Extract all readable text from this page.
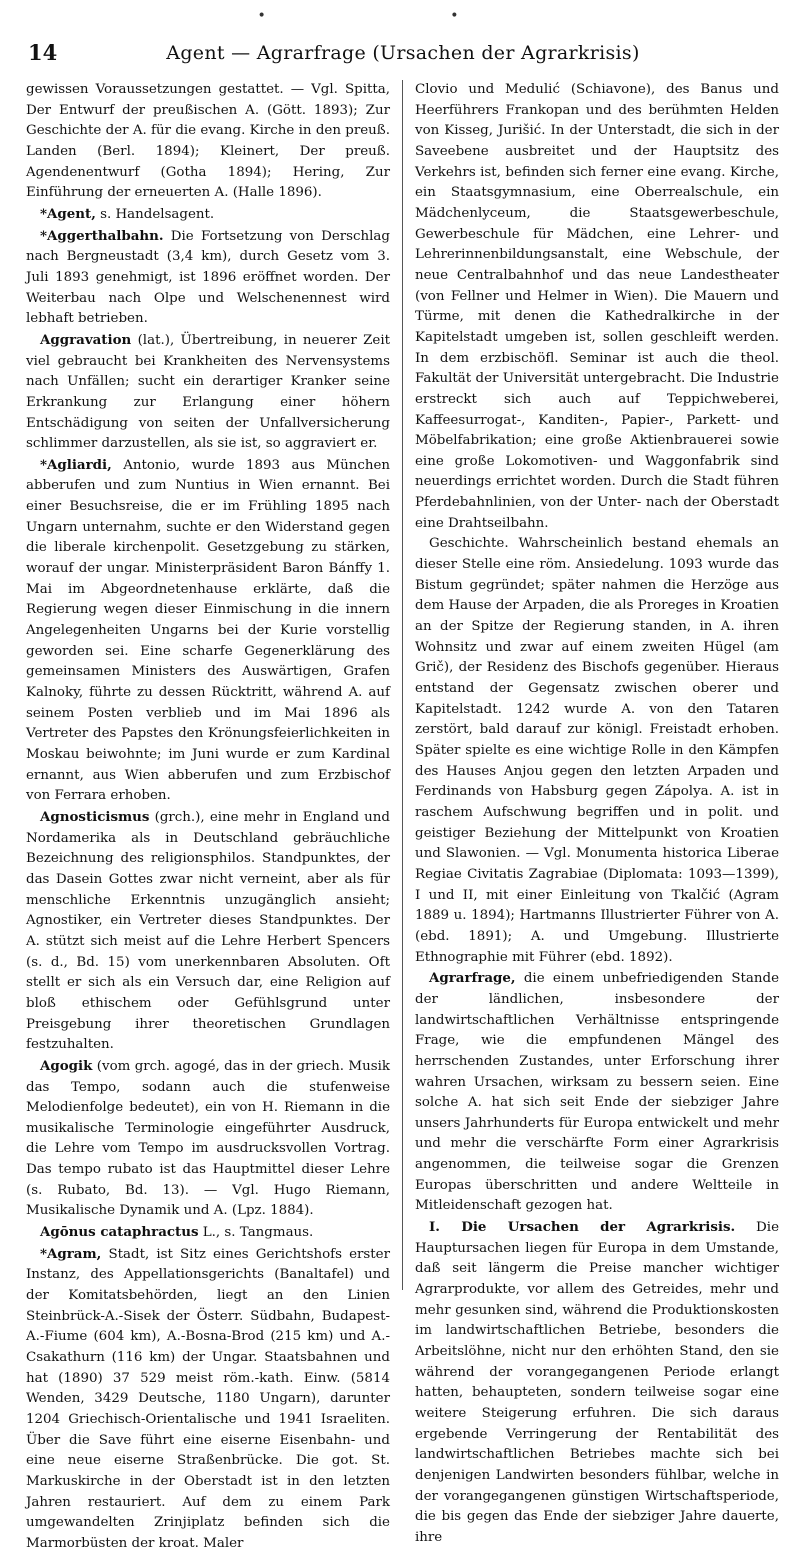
• •
14	Agent — Agrarfrage (Ursachen der Agrarkrisis)

gewissen Voraussetzungen gestattet. — Vgl. Spitta, Der Entwurf der preußischen A. (Gött. 1893); Zur Geschichte der A. für die evang. Kirche in den preuß. Landen (Berl. 1894); Kleinert, Der preuß. Agendenentwurf (Gotha 1894); Hering, Zur Einführung der erneuerten A. (Halle 1896).

*Agent, s. Handelsagent.

*Aggerthalbahn. Die Fortsetzung von Derschlag nach Bergneustadt (3,4 km), durch Gesetz vom 3. Juli 1893 genehmigt, ist 1896 eröffnet worden. Der Weiterbau nach Olpe und Welschenennest wird lebhaft betrieben.

Aggravation (lat.), Übertreibung, in neuerer Zeit viel gebraucht bei Krankheiten des Nervensystems nach Unfällen; sucht ein derartiger Kranker seine Erkrankung zur Erlangung einer höhern Entschädigung von seiten der Unfallversicherung schlimmer darzustellen, als sie ist, so aggraviert er.

*Agliardi, Antonio, wurde 1893 aus München abberufen und zum Nuntius in Wien ernannt. Bei einer Besuchsreise, die er im Frühling 1895 nach Ungarn unternahm, suchte er den Widerstand gegen die liberale kirchenpolit. Gesetzgebung zu stärken, worauf der ungar. Ministerpräsident Baron Bánffy 1. Mai im Abgeordnetenhause erklärte, daß die Regierung wegen dieser Einmischung in die innern Angelegenheiten Ungarns bei der Kurie vorstellig geworden sei. Eine scharfe Gegenerklärung des gemeinsamen Ministers des Auswärtigen, Grafen Kalnoky, führte zu dessen Rücktritt, während A. auf seinem Posten verblieb und im Mai 1896 als Vertreter des Papstes den Krönungsfeierlichkeiten in Moskau beiwohnte; im Juni wurde er zum Kardinal ernannt, aus Wien abberufen und zum Erzbischof von Ferrara erhoben.

Agnosticismus (grch.), eine mehr in England und Nordamerika als in Deutschland gebräuchliche Bezeichnung des religionsphilos. Standpunktes, der das Dasein Gottes zwar nicht verneint, aber als für menschliche Erkenntnis unzugänglich ansieht; Agnostiker, ein Vertreter dieses Standpunktes. Der A. stützt sich meist auf die Lehre Herbert Spencers (s. d., Bd. 15) vom unerkennbaren Absoluten. Oft stellt er sich als ein Versuch dar, eine Religion auf bloß ethischem oder Gefühlsgrund unter Preisgebung ihrer theoretischen Grundlagen festzuhalten.

Agogik (vom grch. agogé, das in der griech. Musik das Tempo, sodann auch die stufenweise Melodienfolge bedeutet), ein von H. Riemann in die musikalische Terminologie eingeführter Ausdruck, die Lehre vom Tempo im ausdrucksvollen Vortrag. Das tempo rubato ist das Hauptmittel dieser Lehre (s. Rubato, Bd. 13). — Vgl. Hugo Riemann, Musikalische Dynamik und A. (Lpz. 1884).

Agōnus cataphractus L., s. Tangmaus.

*Agram, Stadt, ist Sitz eines Gerichtshofs erster Instanz, des Appellationsgerichts (Banaltafel) und der Komitatsbehörden, liegt an den Linien Steinbrück-A.-Sisek der Österr. Südbahn, Budapest-A.-Fiume (604 km), A.-Bosna-Brod (215 km) und A.-Csakathurn (116 km) der Ungar. Staatsbahnen und hat (1890) 37 529 meist röm.-kath. Einw. (5814 Wenden, 3429 Deutsche, 1180 Ungarn), darunter 1204 Griechisch-Orientalische und 1941 Israeliten. Über die Save führt eine eiserne Eisenbahn- und eine neue eiserne Straßenbrücke. Die got. St. Markuskirche in der Oberstadt ist in den letzten Jahren restauriert. Auf dem zu einem Park umgewandelten Zrinjiplatz befinden sich die Marmorbüsten der kroat. Maler

Clovio und Medulić (Schiavone), des Banus und Heerführers Frankopan und des berühmten Helden von Kisseg, Jurišić. In der Unterstadt, die sich in der Saveebene ausbreitet und der Hauptsitz des Verkehrs ist, befinden sich ferner eine evang. Kirche, ein Staatsgymnasium, eine Oberrealschule, ein Mädchenlyceum, die Staatsgewerbeschule, Gewerbeschule für Mädchen, eine Lehrer- und Lehrerinnenbildungsanstalt, eine Webschule, der neue Centralbahnhof und das neue Landestheater (von Fellner und Helmer in Wien). Die Mauern und Türme, mit denen die Kathedralkirche in der Kapitelstadt umgeben ist, sollen geschleift werden. In dem erzbischöfl. Seminar ist auch die theol. Fakultät der Universität untergebracht. Die Industrie erstreckt sich auch auf Teppichweberei, Kaffeesurrogat-, Kanditen-, Papier-, Parkett- und Möbelfabrikation; eine große Aktienbrauerei sowie eine große Lokomotiven- und Waggonfabrik sind neuerdings errichtet worden. Durch die Stadt führen Pferdebahnlinien, von der Unter- nach der Oberstadt eine Drahtseilbahn.

Geschichte. Wahrscheinlich bestand ehemals an dieser Stelle eine röm. Ansiedelung. 1093 wurde das Bistum gegründet; später nahmen die Herzöge aus dem Hause der Arpaden, die als Proreges in Kroatien an der Spitze der Regierung standen, in A. ihren Wohnsitz und zwar auf einem zweiten Hügel (am Grič), der Residenz des Bischofs gegenüber. Hieraus entstand der Gegensatz zwischen oberer und Kapitelstadt. 1242 wurde A. von den Tataren zerstört, bald darauf zur königl. Freistadt erhoben. Später spielte es eine wichtige Rolle in den Kämpfen des Hauses Anjou gegen den letzten Arpaden und Ferdinands von Habsburg gegen Zápolya. A. ist in raschem Aufschwung begriffen und in polit. und geistiger Beziehung der Mittelpunkt von Kroatien und Slawonien. — Vgl. Monumenta historica Liberae Regiae Civitatis Zagrabiae (Diplomata: 1093—1399), I und II, mit einer Einleitung von Tkalčić (Agram 1889 u. 1894); Hartmanns Illustrierter Führer von A. (ebd. 1891); A. und Umgebung. Illustrierte Ethnographie mit Führer (ebd. 1892).

Agrarfrage, die einem unbefriedigenden Stande der ländlichen, insbesondere der landwirtschaftlichen Verhältnisse entspringende Frage, wie die empfundenen Mängel des herrschenden Zustandes, unter Erforschung ihrer wahren Ursachen, wirksam zu bessern seien. Eine solche A. hat sich seit Ende der siebziger Jahre unsers Jahrhunderts für Europa entwickelt und mehr und mehr die verschärfte Form einer Agrarkrisis angenommen, die teilweise sogar die Grenzen Europas überschritten und andere Weltteile in Mitleidenschaft gezogen hat.

I. Die Ursachen der Agrarkrisis. Die Hauptursachen liegen für Europa in dem Umstande, daß seit längerm die Preise mancher wichtiger Agrarprodukte, vor allem des Getreides, mehr und mehr gesunken sind, während die Produktionskosten im landwirtschaftlichen Betriebe, besonders die Arbeitslöhne, nicht nur den erhöhten Stand, den sie während der vorangegangenen Periode erlangt hatten, behaupteten, sondern teilweise sogar eine weitere Steigerung erfuhren. Die sich daraus ergebende Verringerung der Rentabilität des landwirtschaftlichen Betriebes machte sich bei denjenigen Landwirten besonders fühlbar, welche in der vorangegangenen günstigen Wirtschaftsperiode, die bis gegen das Ende der siebziger Jahre dauerte, ihre
